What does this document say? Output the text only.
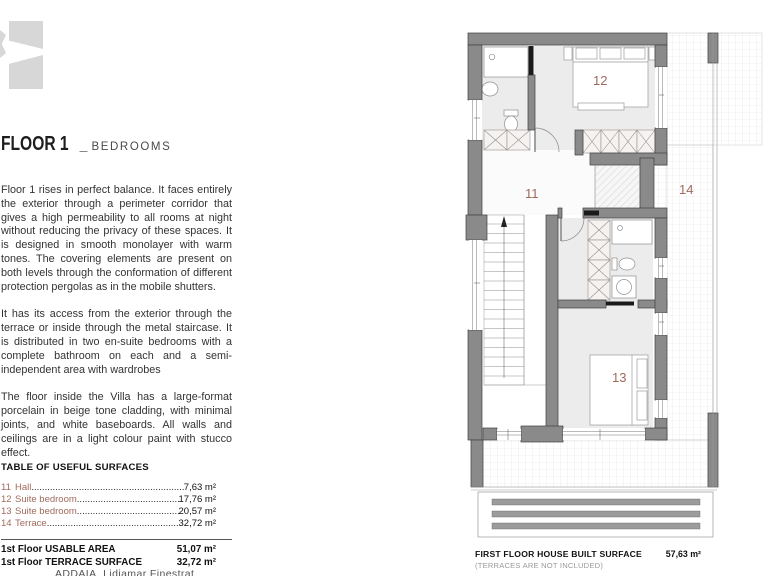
FLOOR 1 _ BEDROOMS

Floor 1 rises in perfect balance. It faces entirely the exterior through a perimeter corridor that gives a high permeability to all rooms at night without reducing the privacy of these spaces. It is designed in smooth monolayer with warm tones. The covering elements are present on both levels through the conformation of different protection pergolas as in the mobile shutters.

It has its access from the exterior through the terrace or inside through the metal staircase. It is distributed in two en-suite bedrooms with a complete bathroom on each and a semi-independent area with wardrobes

The floor inside the Villa has a large-format porcelain in beige tone cladding, with minimal joints, and white baseboards. All walls and ceilings are in a light colour paint with stucco effect.

TABLE OF USEFUL SURFACES
11 Hall .....	7,63 m²
12 Suite bedroom .....	17,76 m²
13 Suite bedroom .....	20,57 m²
14 Terrace .....	32,72 m²
1st Floor USABLE AREA	51,07 m²
1st Floor TERRACE SURFACE	32,72 m²
ADDAIA. Lidiamar Finestrat
11
12
13
14
FIRST FLOOR HOUSE BUILT SURFACE	57,63 m²
(TERRACES ARE NOT INCLUDED)
